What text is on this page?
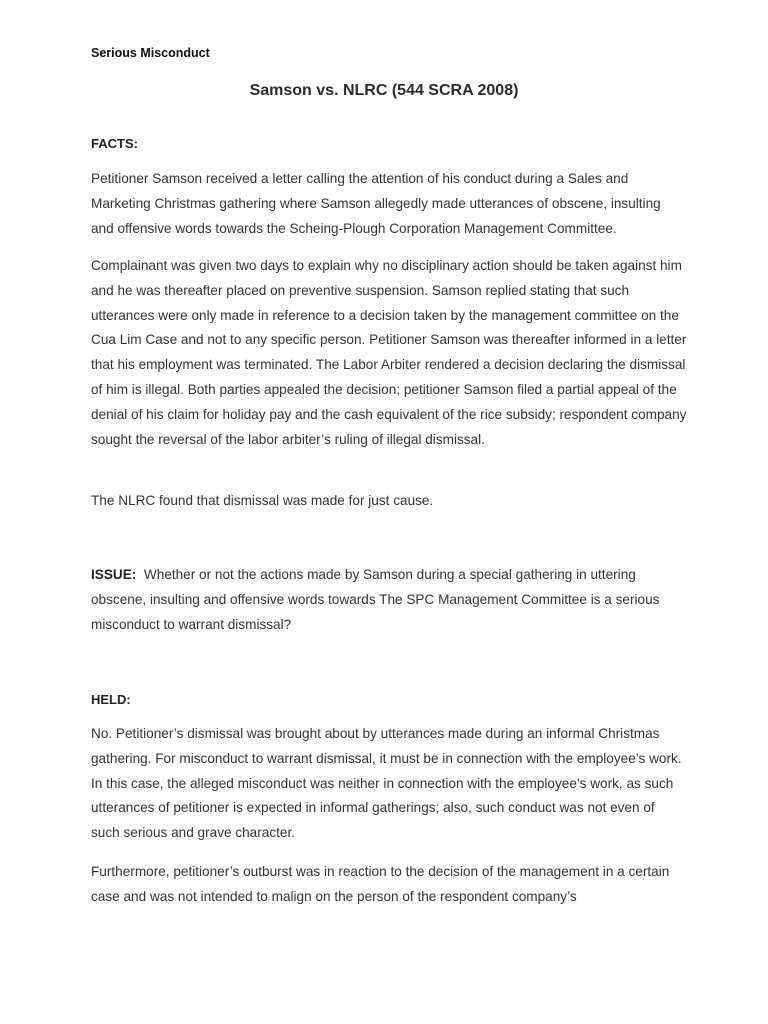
Serious Misconduct
Samson vs. NLRC (544 SCRA 2008)
FACTS:

Petitioner Samson received a letter calling the attention of his conduct during a Sales and Marketing Christmas gathering where Samson allegedly made utterances of obscene, insulting and offensive words towards the Scheing-Plough Corporation Management Committee.

Complainant was given two days to explain why no disciplinary action should be taken against him and he was thereafter placed on preventive suspension. Samson replied stating that such utterances were only made in reference to a decision taken by the management committee on the Cua Lim Case and not to any specific person. Petitioner Samson was thereafter informed in a letter that his employment was terminated. The Labor Arbiter rendered a decision declaring the dismissal of him is illegal. Both parties appealed the decision; petitioner Samson filed a partial appeal of the denial of his claim for holiday pay and the cash equivalent of the rice subsidy; respondent company sought the reversal of the labor arbiter’s ruling of illegal dismissal.

The NLRC found that dismissal was made for just cause.

ISSUE: Whether or not the actions made by Samson during a special gathering in uttering obscene, insulting and offensive words towards The SPC Management Committee is a serious misconduct to warrant dismissal?

HELD:

No. Petitioner’s dismissal was brought about by utterances made during an informal Christmas gathering. For misconduct to warrant dismissal, it must be in connection with the employee’s work. In this case, the alleged misconduct was neither in connection with the employee’s work, as such utterances of petitioner is expected in informal gatherings; also, such conduct was not even of such serious and grave character.

Furthermore, petitioner’s outburst was in reaction to the decision of the management in a certain case and was not intended to malign on the person of the respondent company’s
